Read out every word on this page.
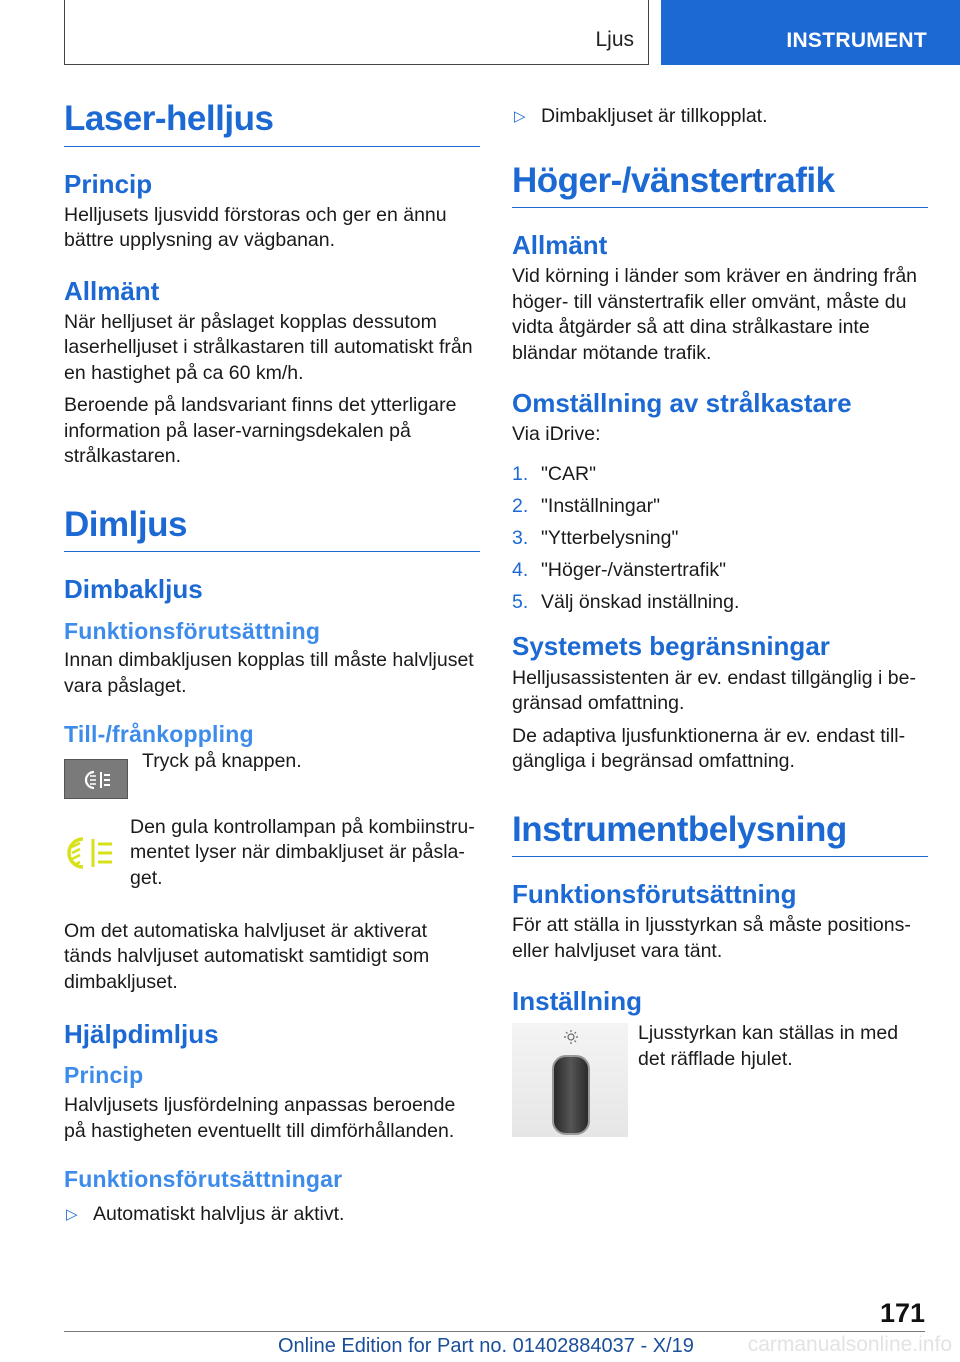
Ljus	INSTRUMENT
Laser-helljus
Princip
Helljusets ljusvidd förstoras och ger en ännu bättre upplysning av vägbanan.
Allmänt
När helljuset är påslaget kopplas dessutom laserhelljuset i strålkastaren till automatiskt från en hastighet på ca 60 km/h.
Beroende på landsvariant finns det ytterligare information på laser-varningsdekalen på strålkastaren.
Dimljus
Dimbakljus
Funktionsförutsättning
Innan dimbakljusen kopplas till måste halvljuset vara påslaget.
Till-/frånkoppling
Tryck på knappen.
Den gula kontrollampan på kombiinstrumentet lyser när dimbakljuset är påslaget.
Om det automatiska halvljuset är aktiverat tänds halvljuset automatiskt samtidigt som dimbakljuset.
Hjälpdimljus
Princip
Halvljusets ljusfördelning anpassas beroende på hastigheten eventuellt till dimförhållanden.
Funktionsförutsättningar
▷ Automatiskt halvljus är aktivt.
▷ Dimbakljuset är tillkopplat.
Höger-/vänstertrafik
Allmänt
Vid körning i länder som kräver en ändring från höger- till vänstertrafik eller omvänt, måste du vidta åtgärder så att dina strålkastare inte bländar mötande trafik.
Omställning av strålkastare
Via iDrive:
1. "CAR"
2. "Inställningar"
3. "Ytterbelysning"
4. "Höger-/vänstertrafik"
5. Välj önskad inställning.
Systemets begränsningar
Helljusassistenten är ev. endast tillgänglig i begränsad omfattning.
De adaptiva ljusfunktionerna är ev. endast tillgängliga i begränsad omfattning.
Instrumentbelysning
Funktionsförutsättning
För att ställa in ljusstyrkan så måste positions- eller halvljuset vara tänt.
Inställning
Ljusstyrkan kan ställas in med det räfflade hjulet.
171
Online Edition for Part no. 01402884037 - X/19	carmanualsonline.info
